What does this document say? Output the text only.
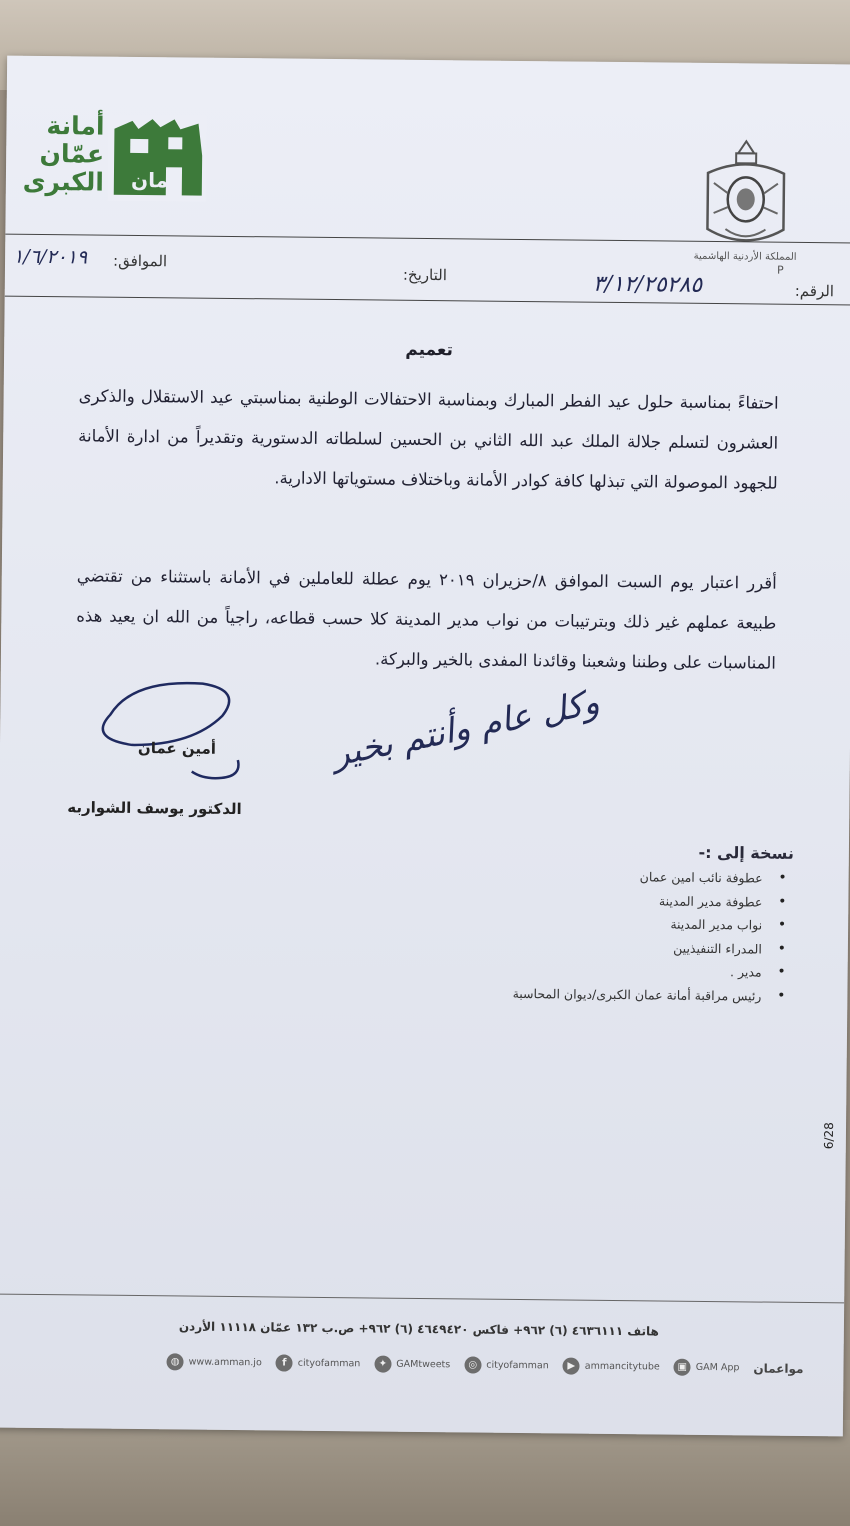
عمان
أمانة
عمّان
الكبرى
المملكة الأردنية الهاشمية
P
الموافق:
١/٦/٢٠١٩
التاريخ:
الرقم:
٣/١٢/٢٥٢٨٥
تعميم
احتفاءً بمناسبة حلول عيد الفطر المبارك وبمناسبة الاحتفالات الوطنية بمناسبتي عيد الاستقلال والذكرى العشرون لتسلم جلالة الملك عبد الله الثاني بن الحسين لسلطاته الدستورية وتقديراً من ادارة الأمانة للجهود الموصولة التي تبذلها كافة كوادر الأمانة وباختلاف مستوياتها الادارية.
أقرر اعتبار يوم السبت الموافق ٨/حزيران ٢٠١٩ يوم عطلة للعاملين في الأمانة باستثناء من تقتضي طبيعة عملهم غير ذلك وبترتيبات من نواب مدير المدينة كلا حسب قطاعه، راجياً من الله ان يعيد هذه المناسبات على وطننا وشعبنا وقائدنا المفدى بالخير والبركة.
وكل عام وأنتم بخير
أمين عمان
الدكتور يوسف الشواربه
نسخة إلى :-
• عطوفة نائب امين عمان
• عطوفة مدير المدينة
• نواب مدير المدينة
• المدراء التنفيذيين
• مدير .
• رئيس مراقبة أمانة عمان الكبرى/ديوان المحاسبة
6/28
هاتف ٤٦٣٦١١١ (٦) ٩٦٢+ فاكس ٤٦٤٩٤٢٠ (٦) ٩٦٢+ ص.ب ١٣٢ عمّان ١١١١٨ الأردن
مواعمان
▣ GAM App
▶	ammancitytube
◎ cityofamman
✦ GAMtweets
f	cityofamman
◍ www.amman.jo
